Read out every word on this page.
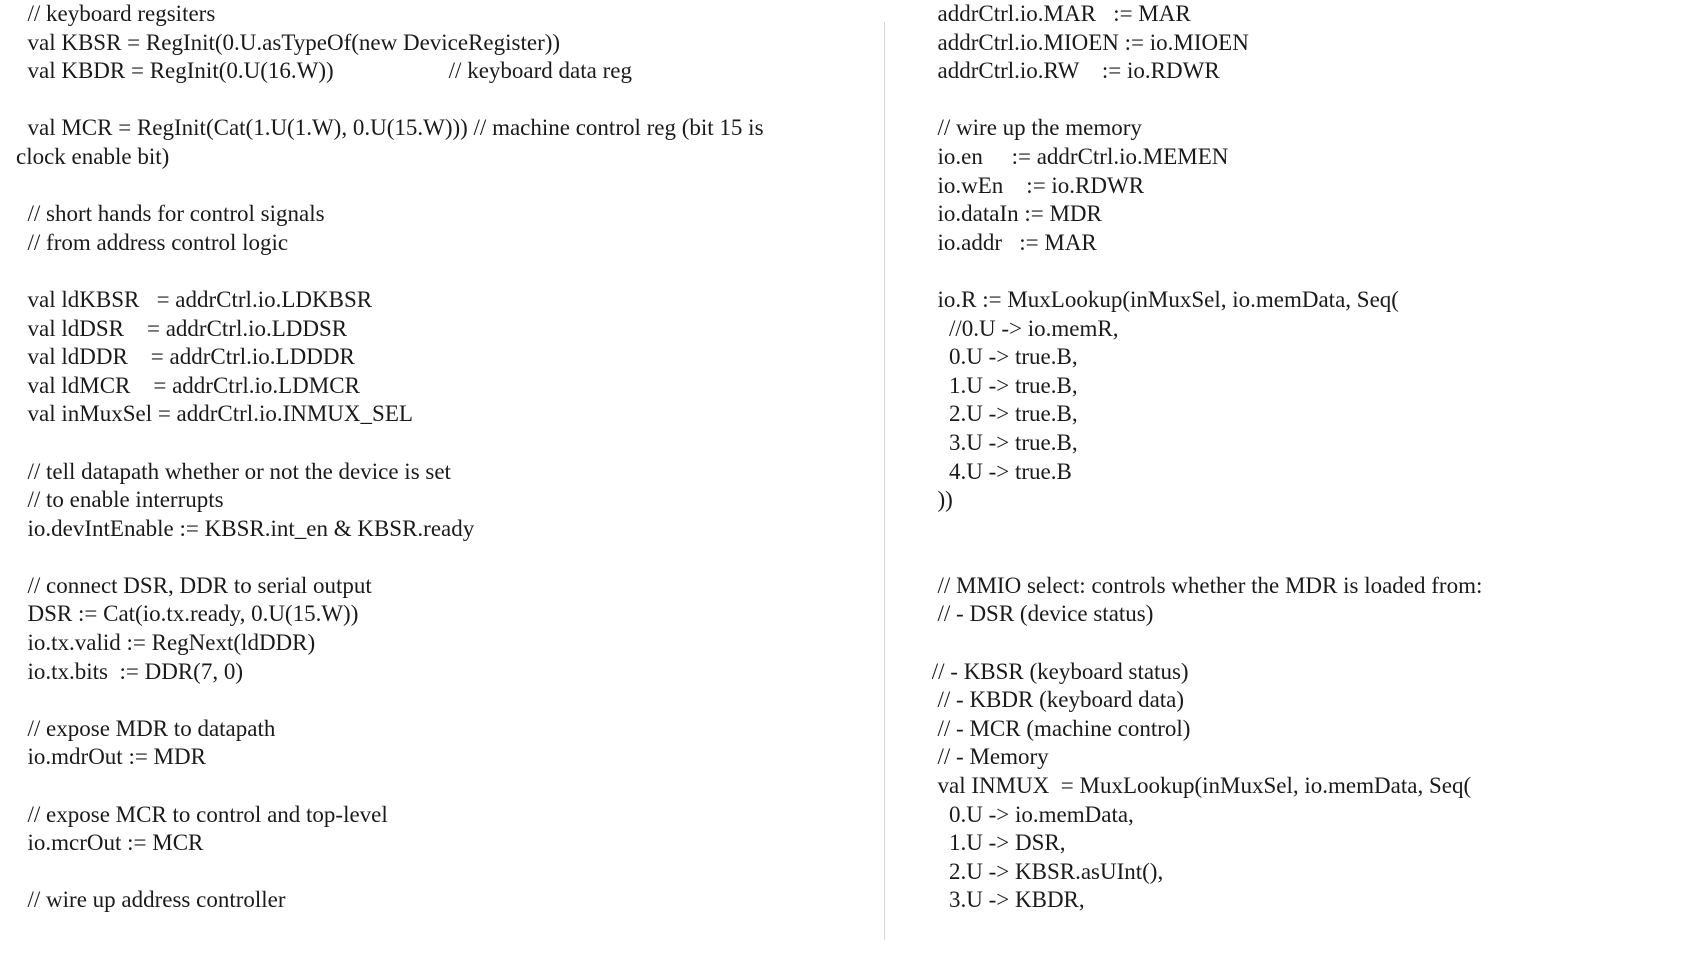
// keyboard regsiters
val KBSR = RegInit(0.U.asTypeOf(new DeviceRegister))
val KBDR = RegInit(0.U(16.W))                    // keyboard data reg
val MCR = RegInit(Cat(1.U(1.W), 0.U(15.W))) // machine control reg (bit 15 is
clock enable bit)
// short hands for control signals
// from address control logic
val ldKBSR   = addrCtrl.io.LDKBSR
val ldDSR    = addrCtrl.io.LDDSR
val ldDDR    = addrCtrl.io.LDDDR
val ldMCR    = addrCtrl.io.LDMCR
val inMuxSel = addrCtrl.io.INMUX_SEL
// tell datapath whether or not the device is set
// to enable interrupts
io.devIntEnable := KBSR.int_en & KBSR.ready
// connect DSR, DDR to serial output
DSR := Cat(io.tx.ready, 0.U(15.W))
io.tx.valid := RegNext(ldDDR)
io.tx.bits  := DDR(7, 0)
// expose MDR to datapath
io.mdrOut := MDR
// expose MCR to control and top-level
io.mcrOut := MCR
// wire up address controller
addrCtrl.io.MAR   := MAR
addrCtrl.io.MIOEN := io.MIOEN
addrCtrl.io.RW    := io.RDWR
// wire up the memory
io.en     := addrCtrl.io.MEMEN
io.wEn    := io.RDWR
io.dataIn := MDR
io.addr   := MAR
io.R := MuxLookup(inMuxSel, io.memData, Seq(
//0.U -> io.memR,
0.U -> true.B,
1.U -> true.B,
2.U -> true.B,
3.U -> true.B,
4.U -> true.B
))
// MMIO select: controls whether the MDR is loaded from:
// - DSR (device status)
// - KBSR (keyboard status)
// - KBDR (keyboard data)
// - MCR (machine control)
// - Memory
val INMUX  = MuxLookup(inMuxSel, io.memData, Seq(
0.U -> io.memData,
1.U -> DSR,
2.U -> KBSR.asUInt(),
3.U -> KBDR,
